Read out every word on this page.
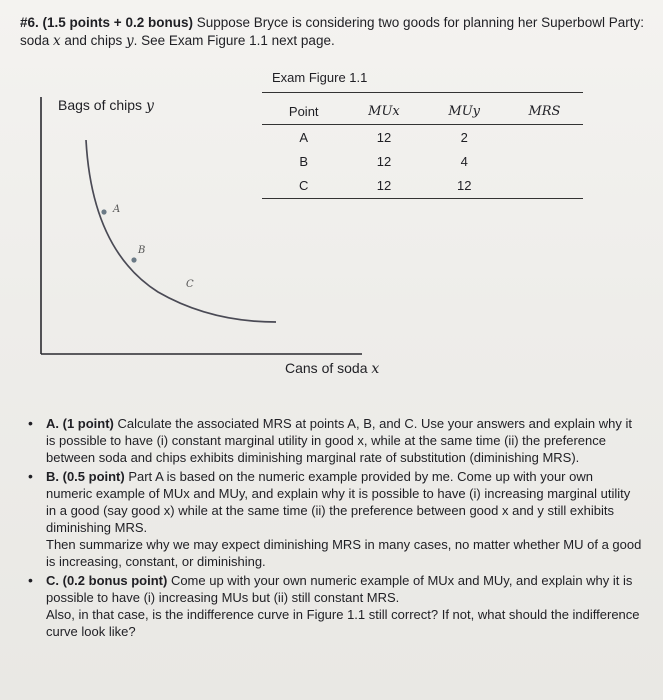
#6. (1.5 points + 0.2 bonus) Suppose Bryce is considering two goods for planning her Superbowl Party: soda x and chips y. See Exam Figure 1.1 next page.
Exam Figure 1.1
A
B
C
Bags of chips y
Cans of soda x
Point	MUx	MUy	MRS
A	12	2	
B	12	4	
C	12	12	
• A. (1 point) Calculate the associated MRS at points A, B, and C. Use your answers and explain why it is possible to have (i) constant marginal utility in good x, while at the same time (ii) the preference between soda and chips exhibits diminishing marginal rate of substitution (diminishing MRS).
• B. (0.5 point) Part A is based on the numeric example provided by me. Come up with your own numeric example of MUx and MUy, and explain why it is possible to have (i) increasing marginal utility in a good (say good x) while at the same time (ii) the preference between good x and y still exhibits diminishing MRS.
Then summarize why we may expect diminishing MRS in many cases, no matter whether MU of a good is increasing, constant, or diminishing.
• C. (0.2 bonus point) Come up with your own numeric example of MUx and MUy, and explain why it is possible to have (i) increasing MUs but (ii) still constant MRS.
Also, in that case, is the indifference curve in Figure 1.1 still correct? If not, what should the indifference curve look like?
